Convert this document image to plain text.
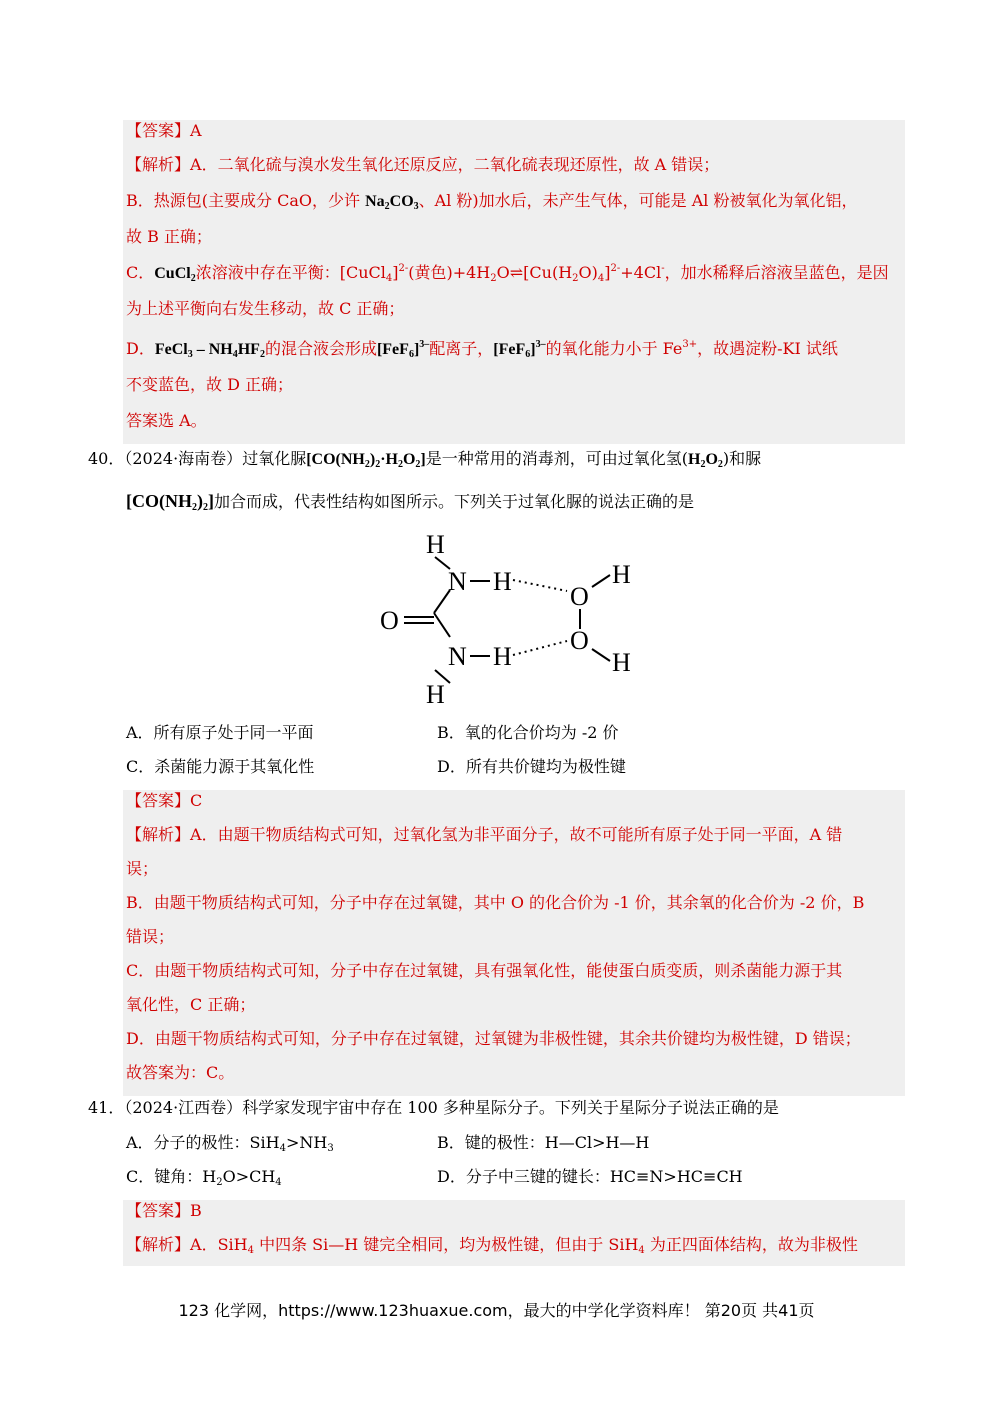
【答案】A
【解析】A．二氧化硫与溴水发生氧化还原反应，二氧化硫表现还原性，故 A 错误；
B．热源包(主要成分 CaO，少许 $Na_2CO_3$、Al 粉)加水后，未产生气体，可能是 Al 粉被氧化为氧化铝，
故 B 正确；
C．CuCl$_2$浓溶液中存在平衡：[CuCl$_4$]$^{2-}$(黄色)$+4H_2O\rightleftharpoons[Cu(H_2O)_4]^{2-}+4Cl^-$，加水稀释后溶液呈蓝色，是因
为上述平衡向右发生移动，故 C 正确；
D．FeCl$_3$ – $NH_4HF_2$的混合液会形成$[FeF_6]^{3-}$配离子，$[FeF_6]^{3-}$的氧化能力小于 $Fe^{3+}$，故遇淀粉-KI 试纸
不变蓝色，故 D 正确；
答案选 A。
40．（2024·海南卷）过氧化脲$[CO(NH_2)_2\cdot H_2O_2]$是一种常用的消毒剂，可由过氧化氢$(H_2O_2)$和脲
$[CO(NH_2)_2]$加合而成，代表性结构如图所示。下列关于过氧化脲的说法正确的是
H
N H
O
H
O
N H
O
H
H
A．所有原子处于同一平面	B．氧的化合价均为 -2 价
C．杀菌能力源于其氧化性	D．所有共价键均为极性键
【答案】C
【解析】A．由题干物质结构式可知，过氧化氢为非平面分子，故不可能所有原子处于同一平面，A 错
误；
B．由题干物质结构式可知，分子中存在过氧键，其中 O 的化合价为 -1 价，其余氧的化合价为 -2 价，B
错误；
C．由题干物质结构式可知，分子中存在过氧键，具有强氧化性，能使蛋白质变质，则杀菌能力源于其
氧化性，C 正确；
D．由题干物质结构式可知，分子中存在过氧键，过氧键为非极性键，其余共价键均为极性键，D 错误；
故答案为：C。
41．（2024·江西卷）科学家发现宇宙中存在 100 多种星际分子。下列关于星际分子说法正确的是
A．分子的极性：$SiH_4>NH_3$	B．键的极性：H—Cl>H—H
C．键角：$H_2O>CH_4$	D．分子中三键的键长：HC≡N>HC≡CH
【答案】B
【解析】A．SiH$_4$ 中四条 Si—H 键完全相同，均为极性键，但由于 SiH$_4$ 为正四面体结构，故为非极性
123 化学网，https://www.123huaxue.com，最大的中学化学资料库！ 第20页 共41页
